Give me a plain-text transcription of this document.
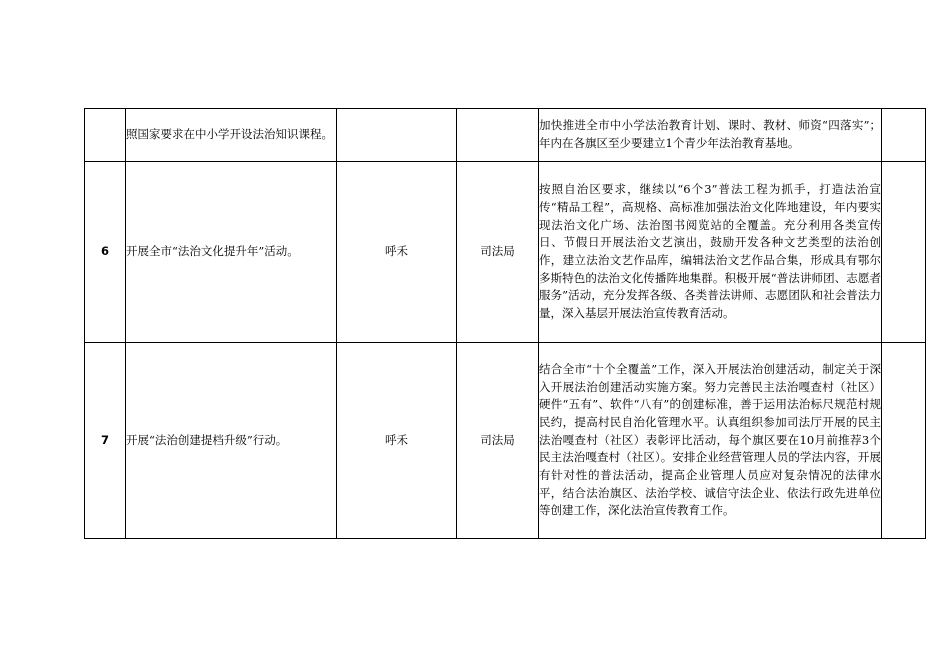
	照国家要求在中小学开设法治知识课程。			加快推进全市中小学法治教育计划、课时、教材、师资“四落实”；年内在各旗区至少要建立1个青少年法治教育基地。	
6	开展全市“法治文化提升年”活动。	呼禾	司法局	按照自治区要求，继续以“6个3”普法工程为抓手，打造法治宣传“精品工程”，高规格、高标准加强法治文化阵地建设，年内要实现法治文化广场、法治图书阅览站的全覆盖。充分利用各类宣传日、节假日开展法治文艺演出，鼓励开发各种文艺类型的法治创作，建立法治文艺作品库，编辑法治文艺作品合集，形成具有鄂尔多斯特色的法治文化传播阵地集群。积极开展“普法讲师团、志愿者服务”活动，充分发挥各级、各类普法讲师、志愿团队和社会普法力量，深入基层开展法治宣传教育活动。	
7	开展“法治创建提档升级”行动。	呼禾	司法局	结合全市“十个全覆盖”工作，深入开展法治创建活动，制定关于深入开展法治创建活动实施方案。努力完善民主法治嘎查村（社区）硬件“五有”、软件“八有”的创建标准，善于运用法治标尺规范村规民约，提高村民自治化管理水平。认真组织参加司法厅开展的民主法治嘎查村（社区）表彰评比活动，每个旗区要在10月前推荐3个民主法治嘎查村（社区）。安排企业经营管理人员的学法内容，开展有针对性的普法活动，提高企业管理人员应对复杂情况的法律水平，结合法治旗区、法治学校、诚信守法企业、依法行政先进单位等创建工作，深化法治宣传教育工作。	
